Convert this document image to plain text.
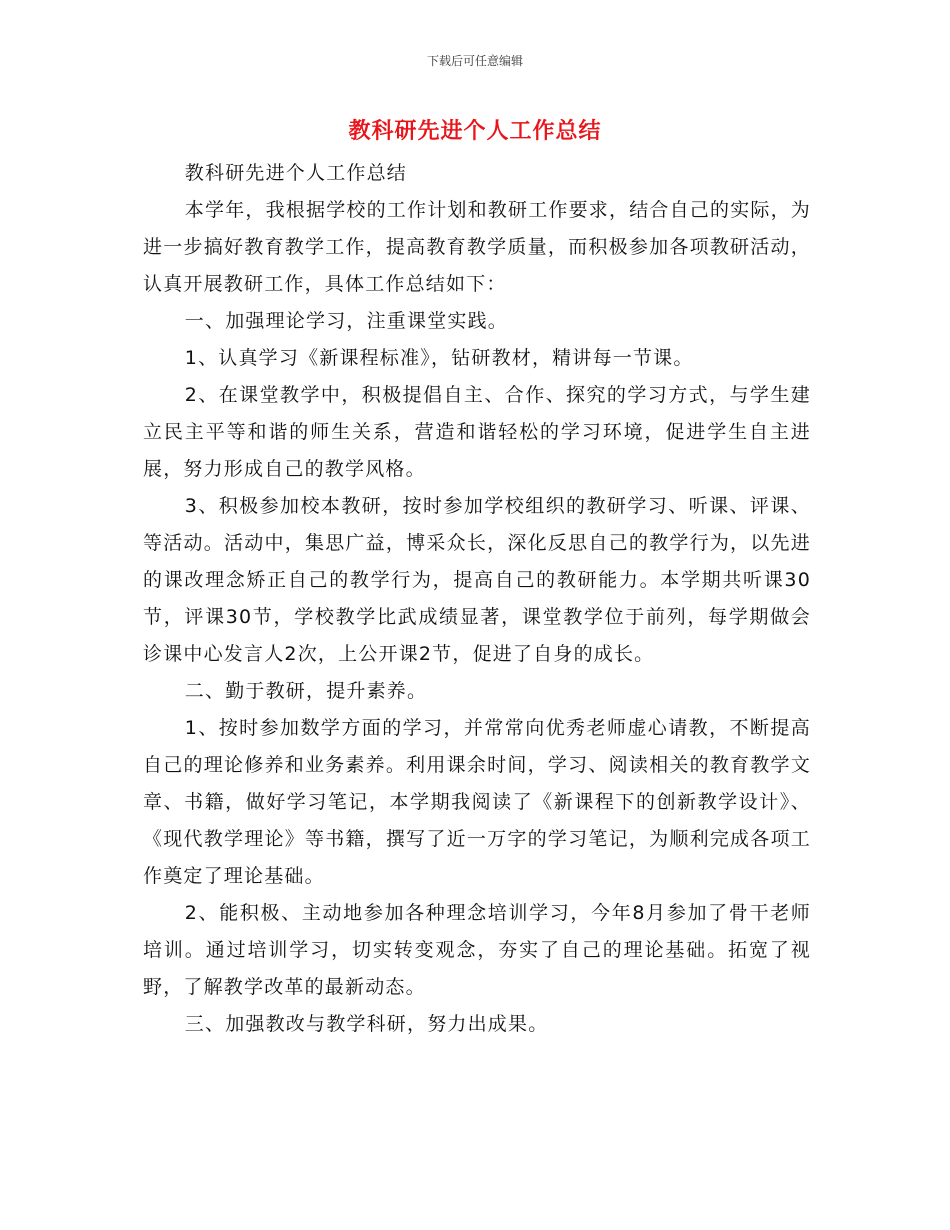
下载后可任意编辑
教科研先进个人工作总结

教科研先进个人工作总结

本学年，我根据学校的工作计划和教研工作要求，结合自己的实际，为进一步搞好教育教学工作，提高教育教学质量，而积极参加各项教研活动，认真开展教研工作，具体工作总结如下：

一、加强理论学习，注重课堂实践。

1、认真学习《新课程标准》，钻研教材，精讲每一节课。

2、在课堂教学中，积极提倡自主、合作、探究的学习方式，与学生建立民主平等和谐的师生关系，营造和谐轻松的学习环境，促进学生自主进展，努力形成自己的教学风格。

3、积极参加校本教研，按时参加学校组织的教研学习、听课、评课、等活动。活动中，集思广益，博采众长，深化反思自己的教学行为，以先进的课改理念矫正自己的教学行为，提高自己的教研能力。本学期共听课30节，评课30节，学校教学比武成绩显著，课堂教学位于前列，每学期做会诊课中心发言人2次，上公开课2节，促进了自身的成长。

二、勤于教研，提升素养。

1、按时参加数学方面的学习，并常常向优秀老师虚心请教，不断提高自己的理论修养和业务素养。利用课余时间，学习、阅读相关的教育教学文章、书籍，做好学习笔记，本学期我阅读了《新课程下的创新教学设计》、《现代教学理论》等书籍，撰写了近一万字的学习笔记，为顺利完成各项工作奠定了理论基础。

2、能积极、主动地参加各种理念培训学习，今年8月参加了骨干老师培训。通过培训学习，切实转变观念，夯实了自己的理论基础。拓宽了视野，了解教学改革的最新动态。

三、加强教改与教学科研，努力出成果。
